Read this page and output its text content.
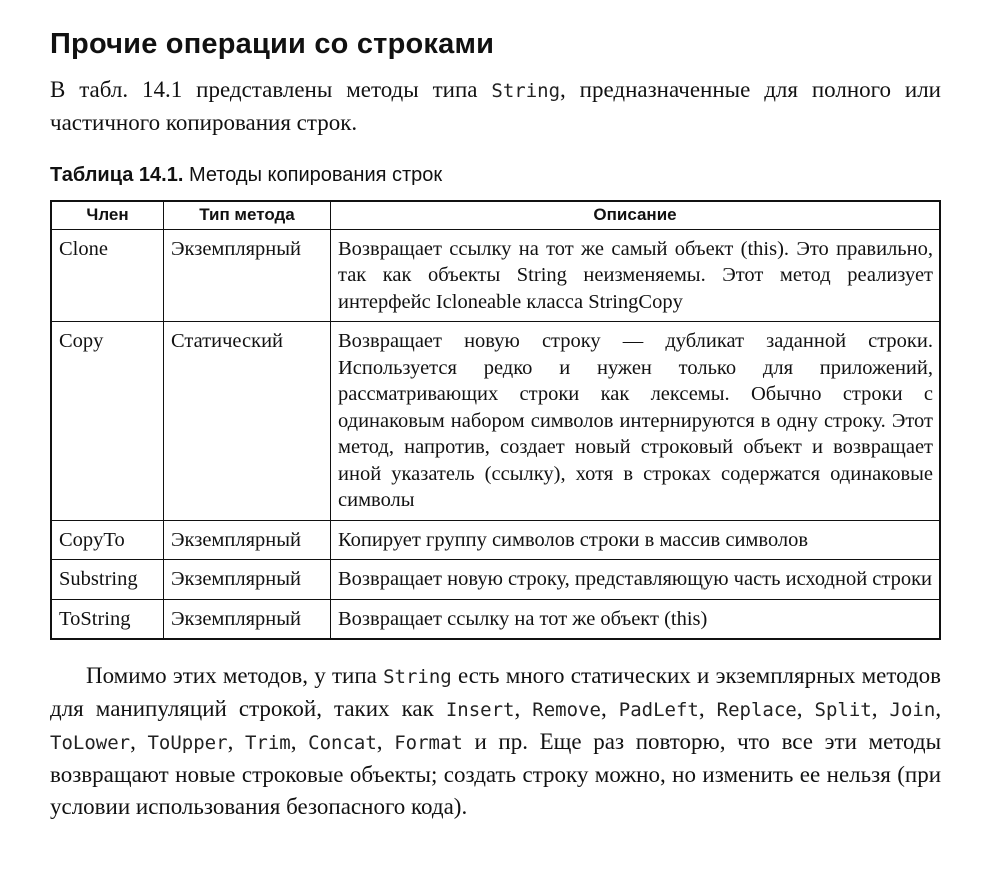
Прочие операции со строками

В табл. 14.1 представлены методы типа String, предназначенные для полного или частичного копирования строк.

Таблица 14.1. Методы копирования строк
Член	Тип метода	Описание
Clone	Экземплярный	Возвращает ссылку на тот же самый объект (this). Это правильно, так как объекты String неизменяемы. Этот метод реализует интерфейс Icloneable класса StringCopy
Copy	Статический	Возвращает новую строку — дубликат заданной строки. Используется редко и нужен только для приложений, рассматривающих строки как лексемы. Обычно строки с одинаковым набором символов интернируются в одну строку. Этот метод, напротив, создает новый строковый объект и возвращает иной указатель (ссылку), хотя в строках содержатся одинаковые символы
CopyTo	Экземплярный	Копирует группу символов строки в массив символов
Substring	Экземплярный	Возвращает новую строку, представляющую часть исходной строки
ToString	Экземплярный	Возвращает ссылку на тот же объект (this)

Помимо этих методов, у типа String есть много статических и экземплярных методов для манипуляций строкой, таких как Insert, Remove, PadLeft, Replace, Split, Join, ToLower, ToUpper, Trim, Concat, Format и пр. Еще раз повторю, что все эти методы возвращают новые строковые объекты; создать строку можно, но изменить ее нельзя (при условии использования безопасного кода).
